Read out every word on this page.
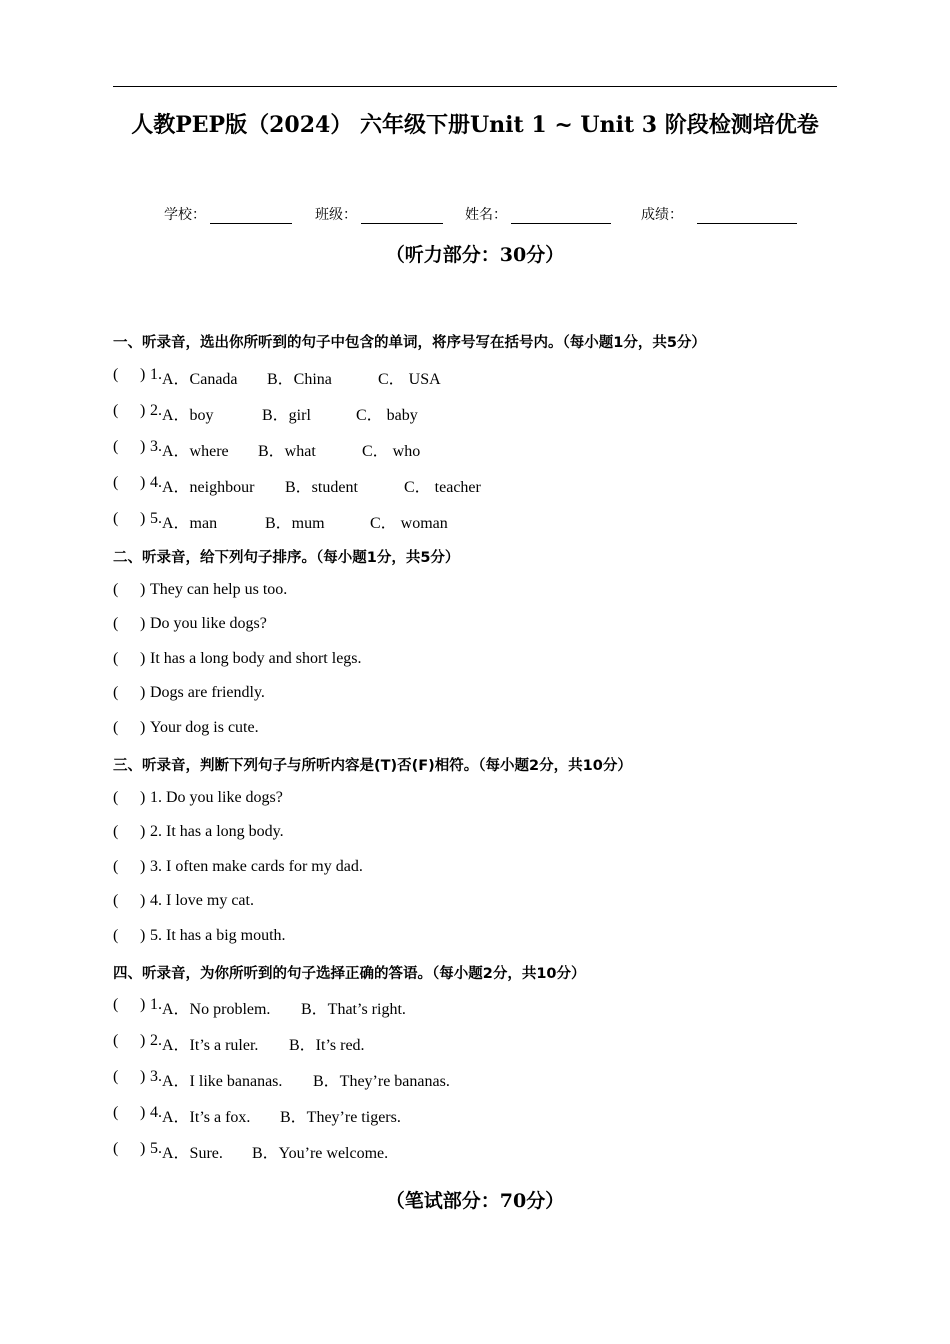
人教PEP版（2024） 六年级下册Unit 1 ~ Unit 3 阶段检测培优卷
学校：	班级：	姓名：	成绩：
（听力部分：30分）
一、听录音，选出你所听到的句子中包含的单词，将序号写在括号内。（每小题1分，共5分）
( ) 1. A．Canada B．China	C． USA
( ) 2. A．boy	B．girl	C． baby
( ) 3. A．where B．what	C． who
( ) 4. A．neighbour B．student	C． teacher
( ) 5. A．man	B．mum	C． woman
二、听录音，给下列句子排序。（每小题1分，共5分）
( ) They can help us too.
( ) Do you like dogs?
( ) It has a long body and short legs.
( ) Dogs are friendly.
( ) Your dog is cute.
三、听录音，判断下列句子与所听内容是(T)否(F)相符。（每小题2分，共10分）
( ) 1. Do you like dogs?
( ) 2. It has a long body.
( ) 3. I often make cards for my dad.
( ) 4. I love my cat.
( ) 5. It has a big mouth.
四、听录音，为你所听到的句子选择正确的答语。（每小题2分，共10分）
( ) 1. A．No problem. B．That’s right.
( ) 2. A．It’s a ruler. B．It’s red.
( ) 3. A．I like bananas. B．They’re bananas.
( ) 4. A．It’s a fox. B．They’re tigers.
( ) 5. A．Sure. B．You’re welcome.
（笔试部分：70分）
